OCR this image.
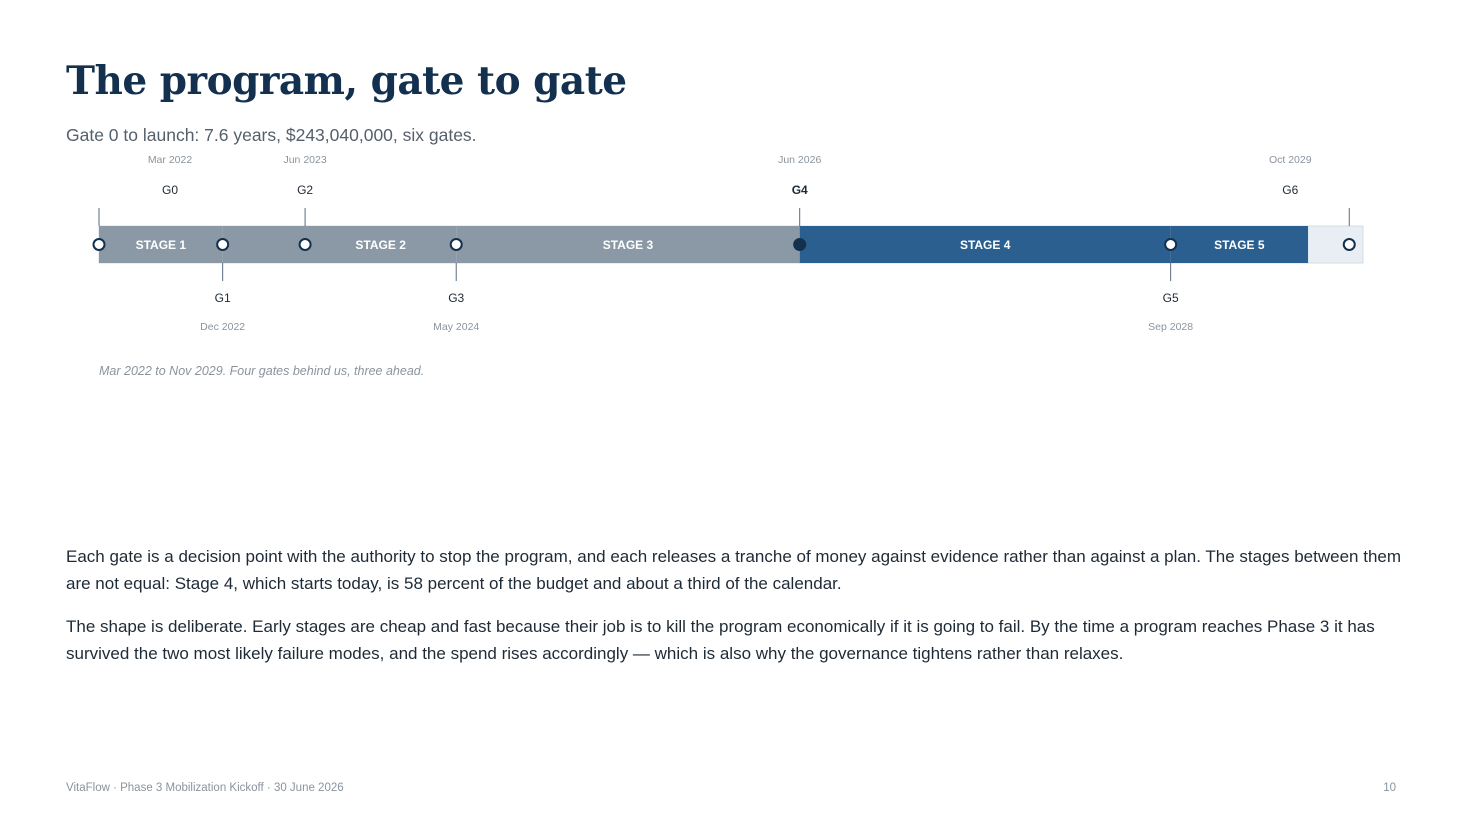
The program, gate to gate

Gate 0 to launch: 7.6 years, $243,040,000, six gates.

STAGE 1	STAGE 2	STAGE 3	STAGE 4	STAGE 5
G0
Mar 2022
G1
Dec 2022
G2
Jun 2023
G3
May 2024
G4
Jun 2026
G5
Sep 2028
G6
Oct 2029

Mar 2022 to Nov 2029. Four gates behind us, three ahead.

Each gate is a decision point with the authority to stop the program, and each releases a tranche of money against evidence rather than against a plan. The stages between them are not equal: Stage 4, which starts today, is 58 percent of the budget and about a third of the calendar.

The shape is deliberate. Early stages are cheap and fast because their job is to kill the program economically if it is going to fail. By the time a program reaches Phase 3 it has survived the two most likely failure modes, and the spend rises accordingly — which is also why the governance tightens rather than relaxes.

VitaFlow · Phase 3 Mobilization Kickoff · 30 June 2026	10
